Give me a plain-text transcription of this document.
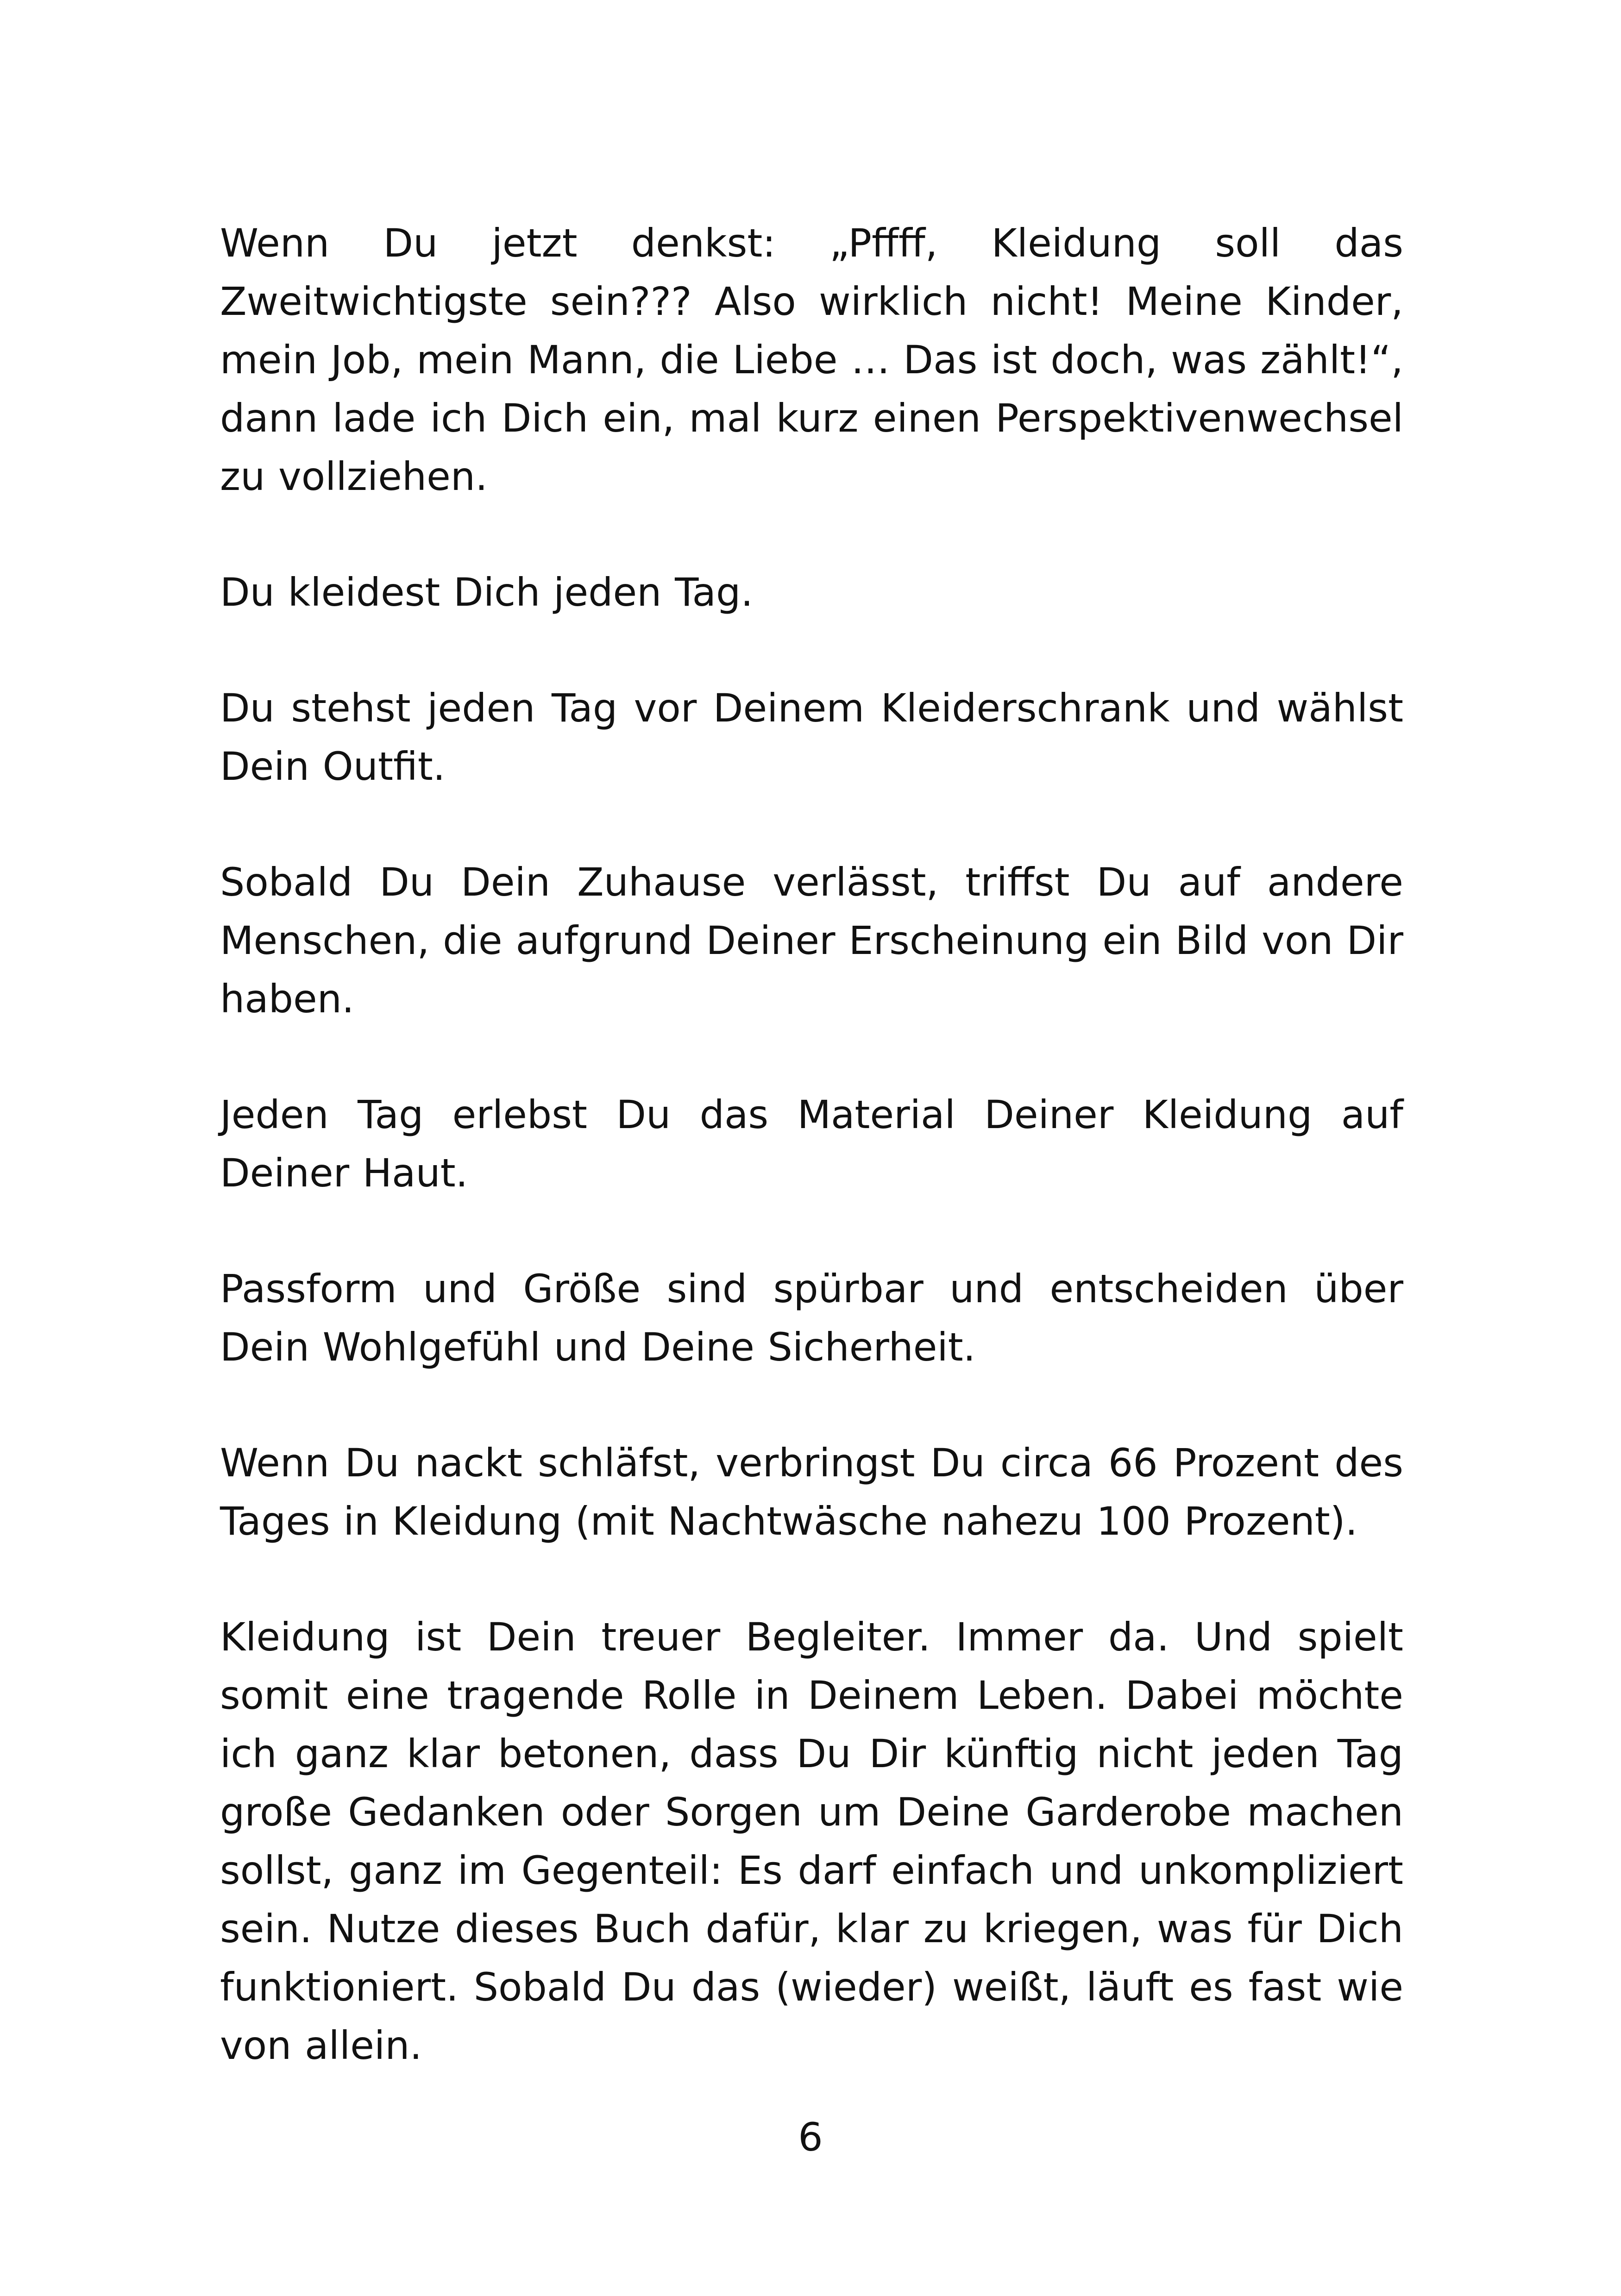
Wenn Du jetzt denkst: „Pffff, Kleidung soll das Zweitwichtigste sein??? Also wirklich nicht! Meine Kinder, mein Job, mein Mann, die Liebe … Das ist doch, was zählt!“, dann lade ich Dich ein, mal kurz einen Perspektivenwechsel zu vollziehen.

Du kleidest Dich jeden Tag.

Du stehst jeden Tag vor Deinem Kleiderschrank und wählst Dein Outfit.

Sobald Du Dein Zuhause verlässt, triffst Du auf andere Menschen, die aufgrund Deiner Erscheinung ein Bild von Dir haben.

Jeden Tag erlebst Du das Material Deiner Kleidung auf Deiner Haut.

Passform und Größe sind spürbar und entscheiden über Dein Wohlgefühl und Deine Sicherheit.

Wenn Du nackt schläfst, verbringst Du circa 66 Prozent des Tages in Kleidung (mit Nachtwäsche nahezu 100 Prozent).

Kleidung ist Dein treuer Begleiter. Immer da. Und spielt somit eine tragende Rolle in Deinem Leben. Dabei möchte ich ganz klar betonen, dass Du Dir künftig nicht jeden Tag große Gedanken oder Sorgen um Deine Garderobe machen sollst, ganz im Gegenteil: Es darf einfach und unkompliziert sein. Nutze dieses Buch dafür, klar zu kriegen, was für Dich funktioniert. Sobald Du das (wieder) weißt, läuft es fast wie von allein.

6
